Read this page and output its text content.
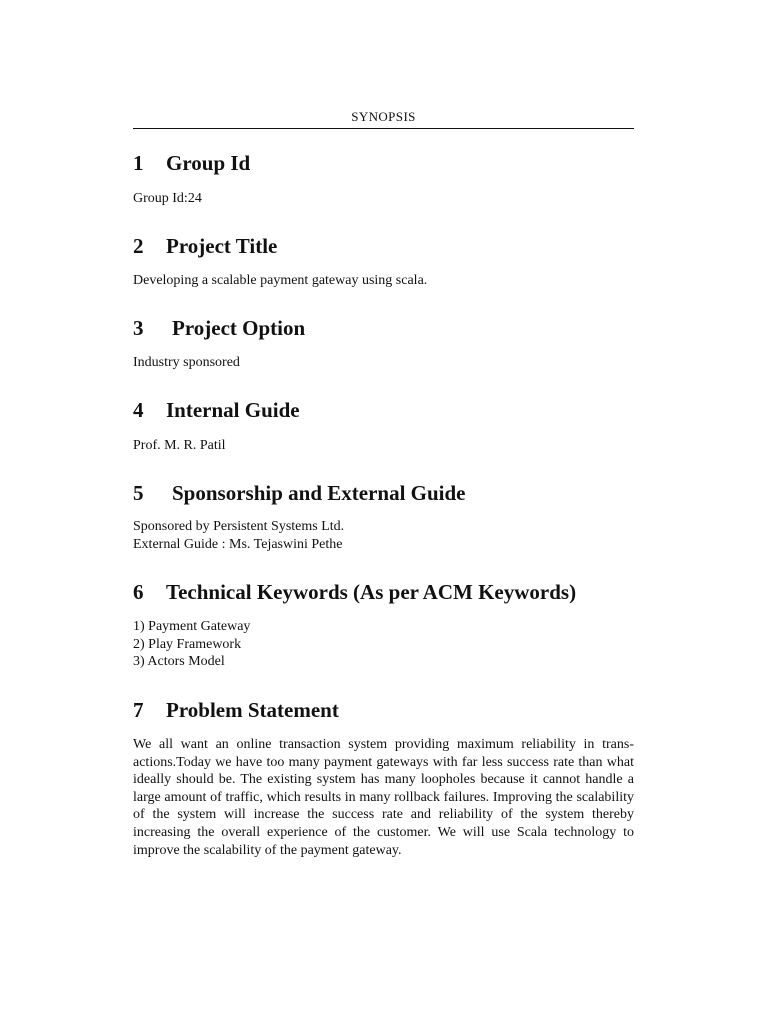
SYNOPSIS
1 Group Id
Group Id:24
2 Project Title
Developing a scalable payment gateway using scala.
3 Project Option
Industry sponsored
4 Internal Guide
Prof. M. R. Patil
5 Sponsorship and External Guide
Sponsored by Persistent Systems Ltd.
External Guide : Ms. Tejaswini Pethe
6 Technical Keywords (As per ACM Keywords)
1) Payment Gateway
2) Play Framework
3) Actors Model
7 Problem Statement
We all want an online transaction system providing maximum reliability in transactions.Today we have too many payment gateways with far less success rate than what ideally should be. The existing system has many loopholes because it cannot handle a large amount of traffic, which results in many rollback failures. Improving the scalability of the system will increase the success rate and reliability of the system thereby increasing the overall experience of the customer. We will use Scala technology to improve the scalability of the payment gateway.
